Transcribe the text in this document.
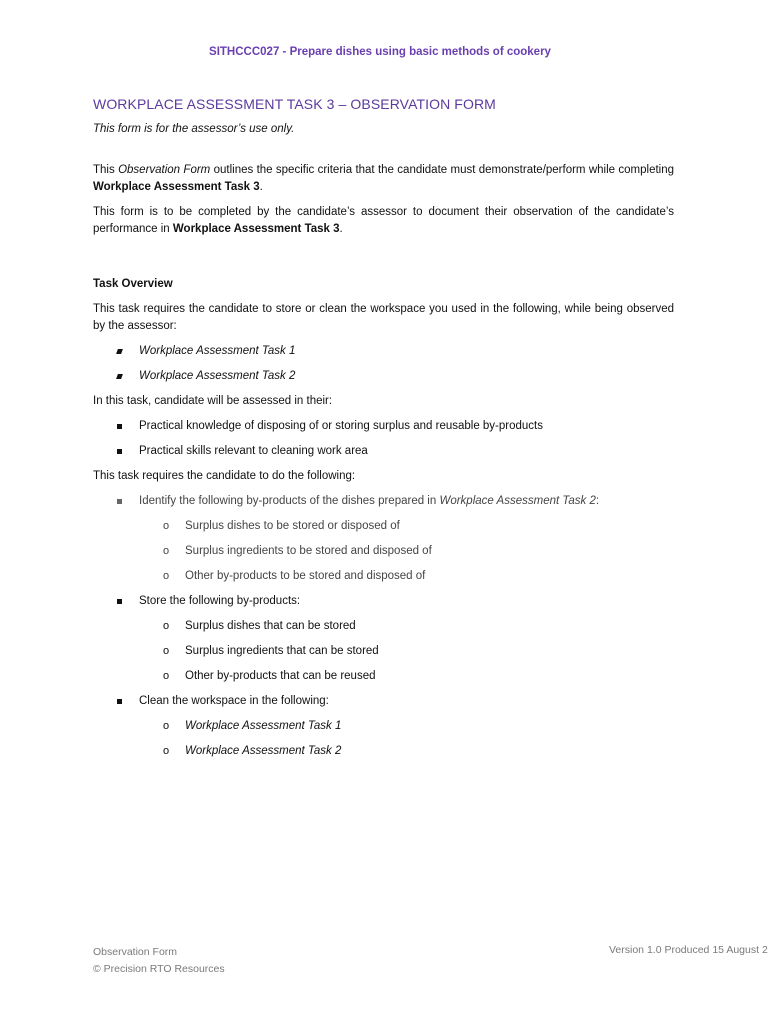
SITHCCC027 - Prepare dishes using basic methods of cookery
WORKPLACE ASSESSMENT TASK 3 – OBSERVATION FORM

This form is for the assessor’s use only.

This Observation Form outlines the specific criteria that the candidate must demonstrate/perform while completing Workplace Assessment Task 3.

This form is to be completed by the candidate’s assessor to document their observation of the candidate’s performance in Workplace Assessment Task 3.

Task Overview

This task requires the candidate to store or clean the workspace you used in the following, while being observed by the assessor:

Workplace Assessment Task 1
Workplace Assessment Task 2

In this task, candidate will be assessed in their:

Practical knowledge of disposing of or storing surplus and reusable by-products
Practical skills relevant to cleaning work area

This task requires the candidate to do the following:

Identify the following by-products of the dishes prepared in Workplace Assessment Task 2:
o Surplus dishes to be stored or disposed of
o Surplus ingredients to be stored and disposed of
o Other by-products to be stored and disposed of
Store the following by-products:
o Surplus dishes that can be stored
o Surplus ingredients that can be stored
o Other by-products that can be reused
Clean the workspace in the following:
o Workplace Assessment Task 1
o Workplace Assessment Task 2
Observation Form
© Precision RTO Resources
Version 1.0 Produced 15 August 2
